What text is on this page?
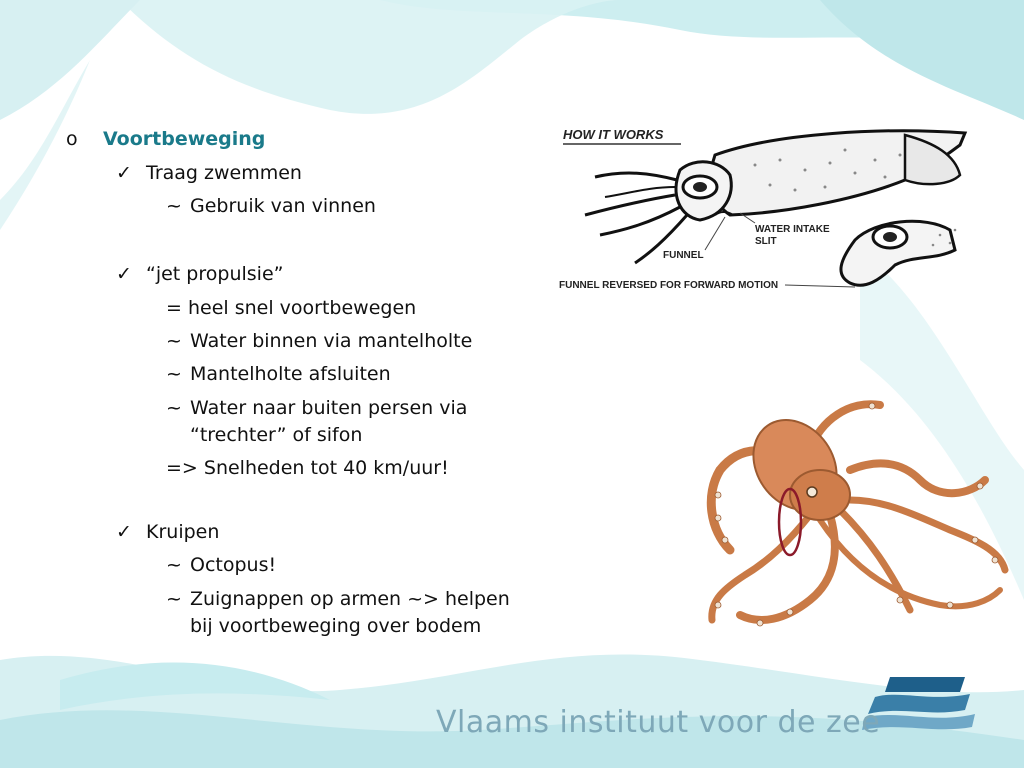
o Voortbeweging
✓ Traag zwemmen
~ Gebruik van vinnen
✓ “jet propulsie”
= heel snel voortbewegen
~ Water binnen via mantelholte
~ Mantelholte afsluiten
~ Water naar buiten persen via
“trechter” of sifon
=> Snelheden tot 40 km/uur!
✓ Kruipen
~ Octopus!
~ Zuignappen op armen ~> helpen
bij voortbeweging over bodem
HOW IT WORKS
WATER INTAKE
SLIT
FUNNEL
FUNNEL REVERSED FOR FORWARD MOTION
Vlaams instituut voor de zee
